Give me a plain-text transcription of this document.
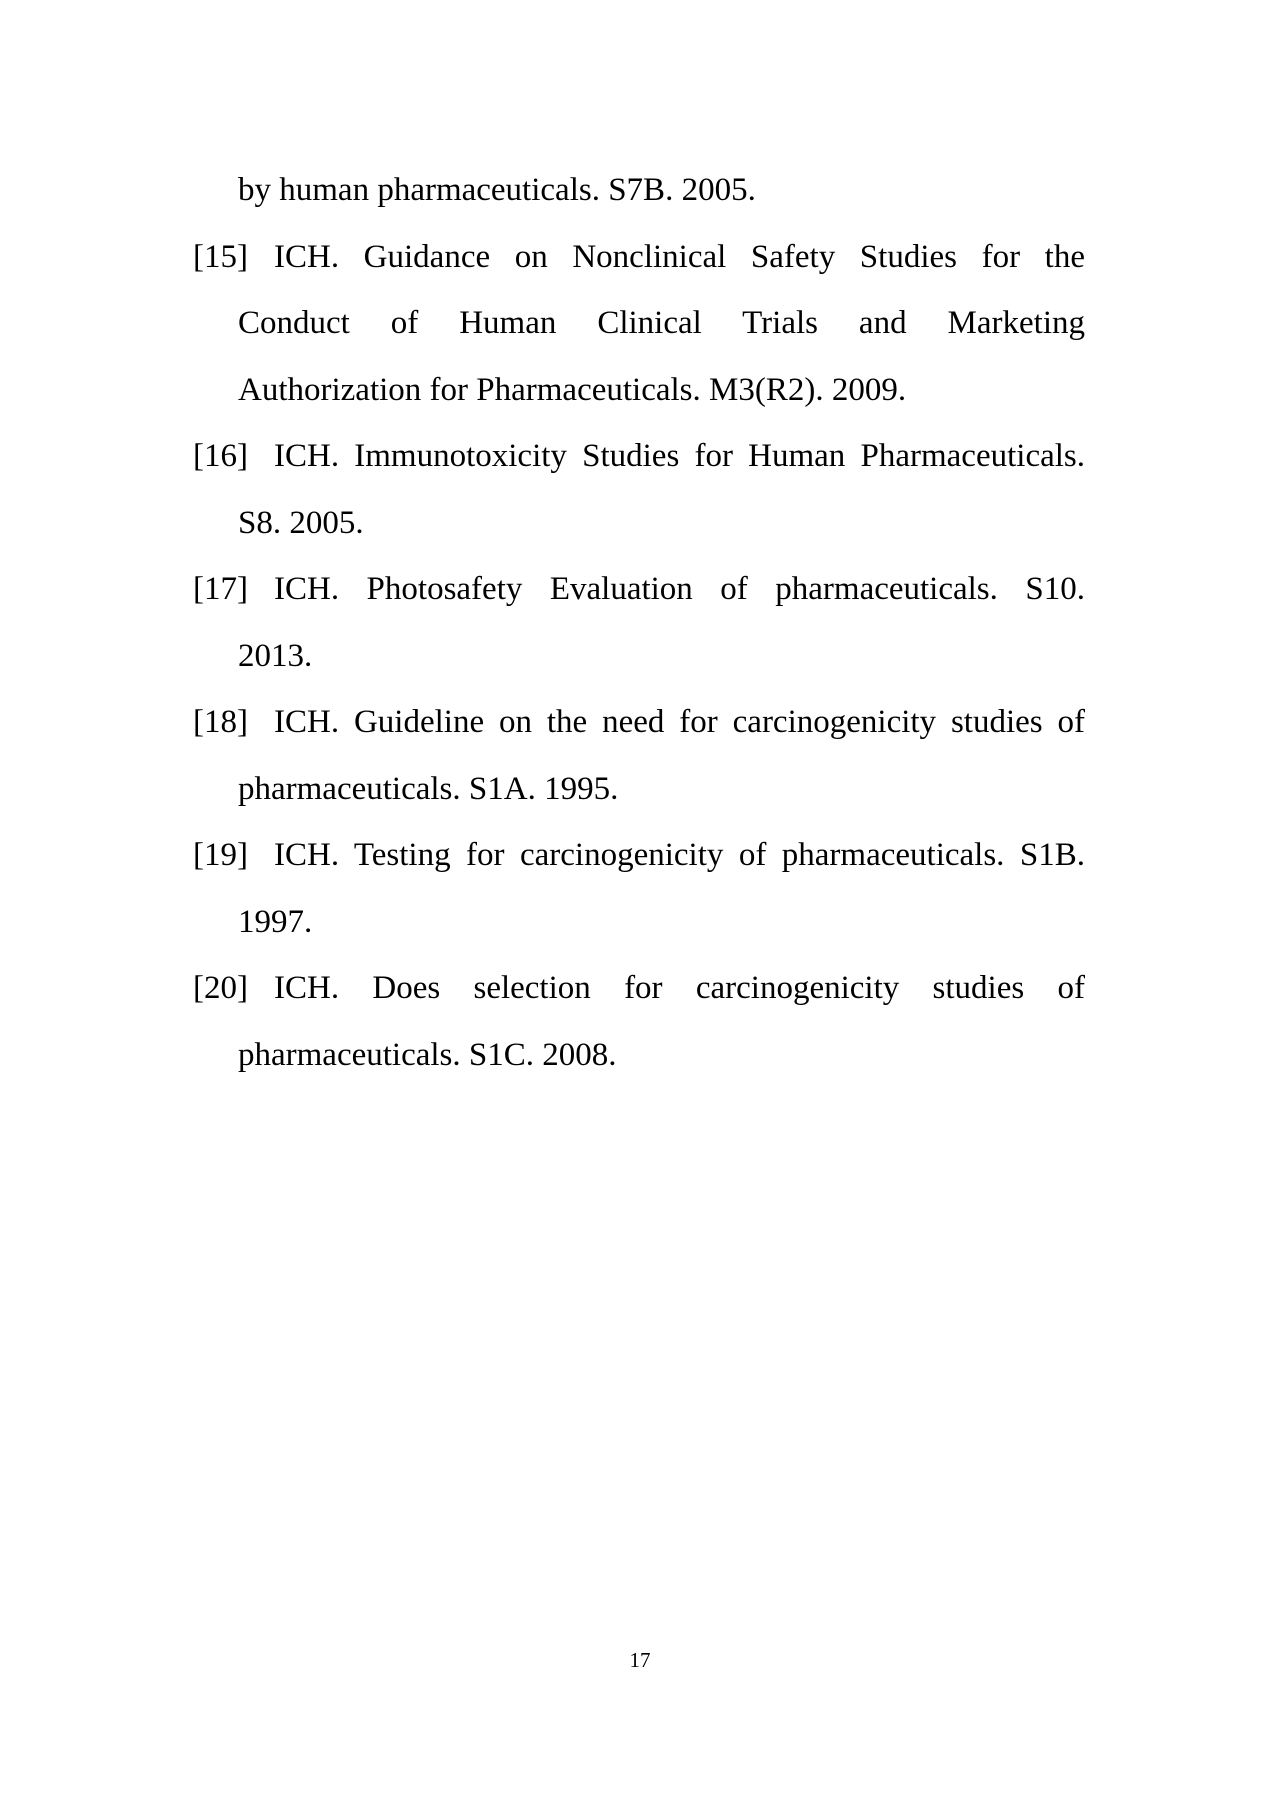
by human pharmaceuticals. S7B. 2005.
[15] ICH. Guidance on Nonclinical Safety Studies for the
Conduct of Human Clinical Trials and Marketing
Authorization for Pharmaceuticals. M3(R2). 2009.
[16] ICH. Immunotoxicity Studies for Human Pharmaceuticals.
S8. 2005.
[17] ICH. Photosafety Evaluation of pharmaceuticals. S10.
2013.
[18] ICH. Guideline on the need for carcinogenicity studies of
pharmaceuticals. S1A. 1995.
[19] ICH. Testing for carcinogenicity of pharmaceuticals. S1B.
1997.
[20] ICH. Does selection for carcinogenicity studies of
pharmaceuticals. S1C. 2008.
17
